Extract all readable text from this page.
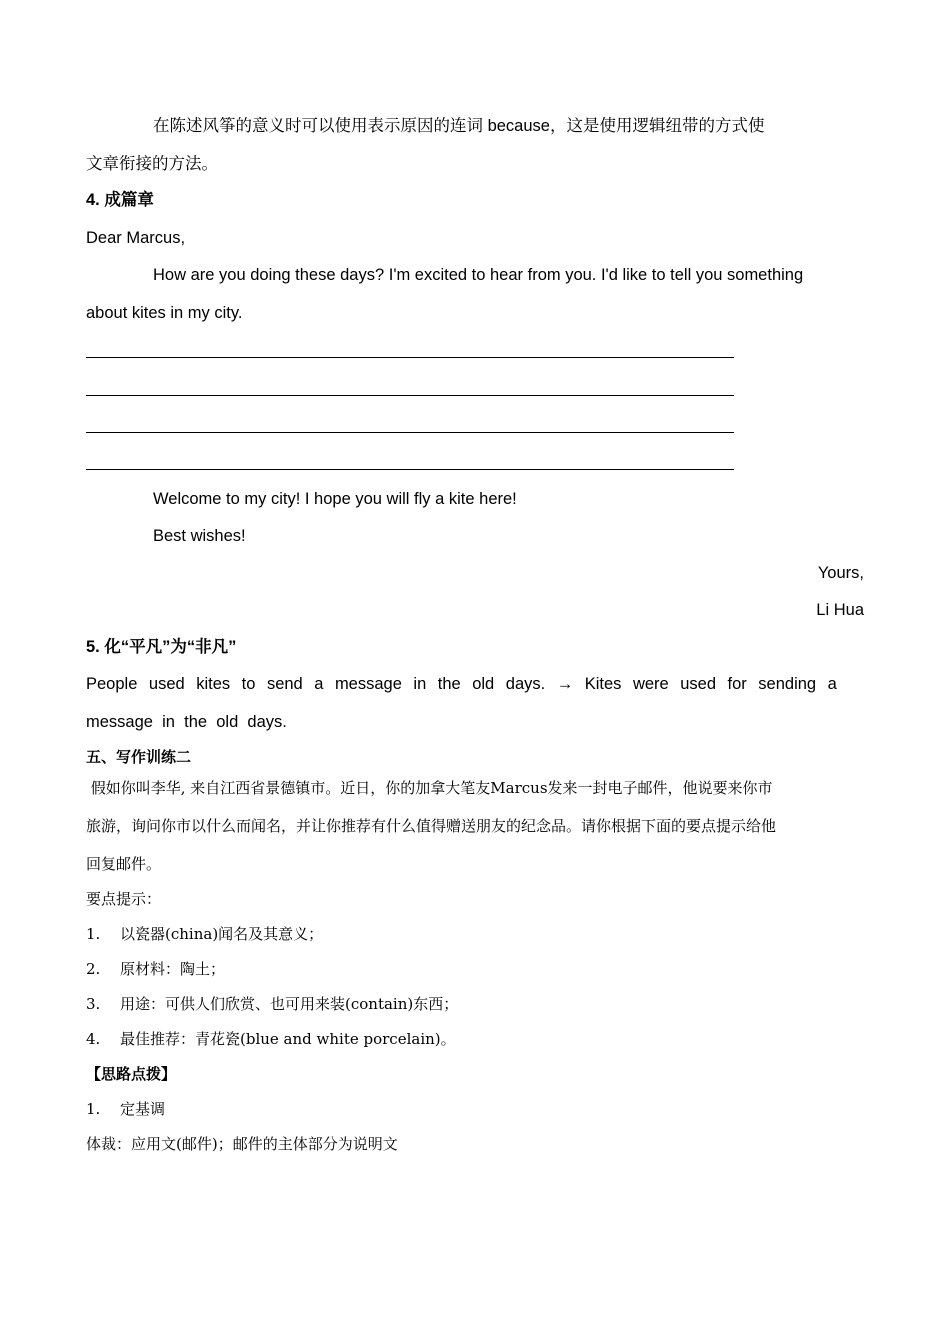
在陈述风筝的意义时可以使用表示原因的连词 because，这是使用逻辑纽带的方式使
文章衔接的方法。
4. 成篇章
Dear Marcus,
How are you doing these days? I'm excited to hear from you. I'd like to tell you something
about kites in my city.
Welcome to my city! I hope you will fly a kite here!
Best wishes!
Yours,
Li Hua
5. 化“平凡”为“非凡”
People used kites to send a message in the old days. → Kites were used for sending a
message  in  the  old  days.
五、写作训练二
假如你叫李华, 来自江西省景德镇市。近日，你的加拿大笔友Marcus发来一封电子邮件，他说要来你市
旅游，询问你市以什么而闻名，并让你推荐有什么值得赠送朋友的纪念品。请你根据下面的要点提示给他
回复邮件。
要点提示：
1. 以瓷器(china)闻名及其意义；
2. 原材料：陶土；
3. 用途：可供人们欣赏、也可用来装(contain)东西；
4. 最佳推荐：青花瓷(blue and white porcelain)。
【思路点拨】
1. 定基调
体裁：应用文(邮件)；邮件的主体部分为说明文
